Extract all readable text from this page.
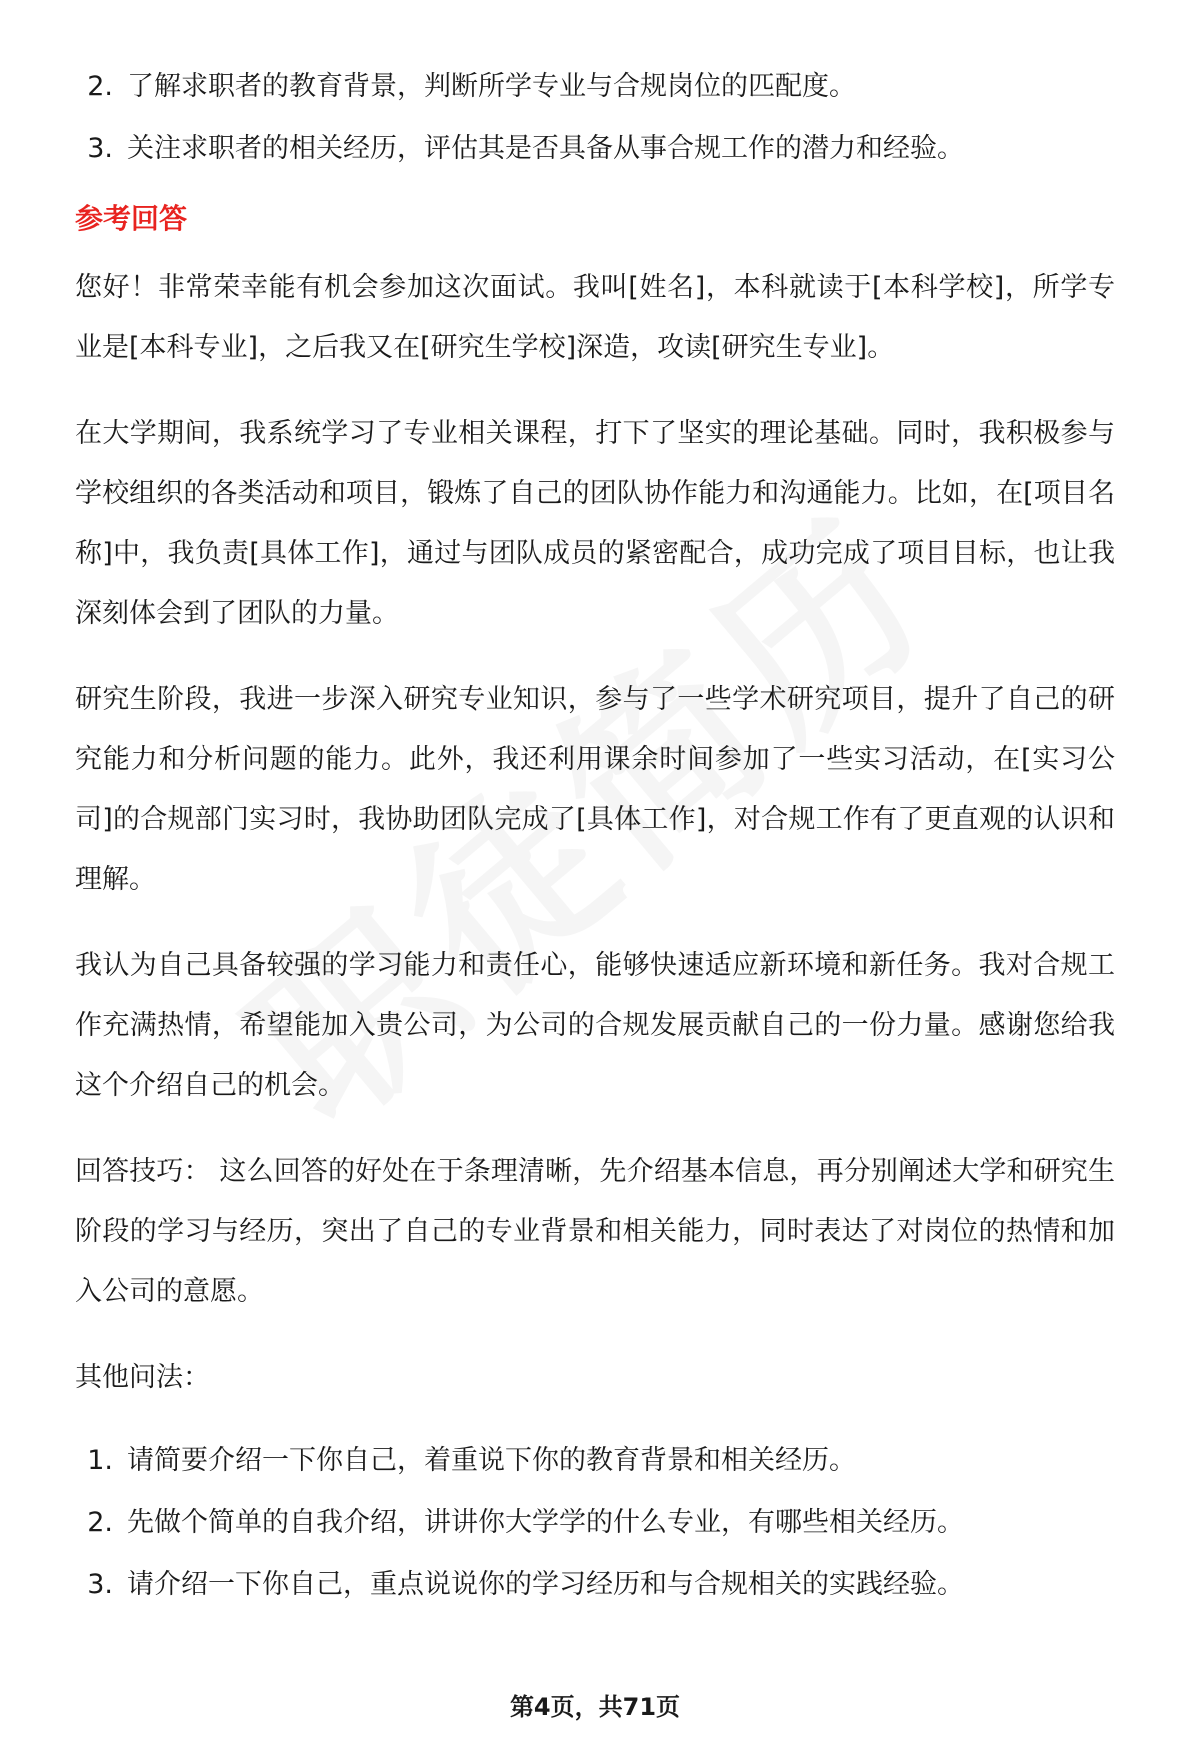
2. 了解求职者的教育背景，判断所学专业与合规岗位的匹配度。
3. 关注求职者的相关经历，评估其是否具备从事合规工作的潜力和经验。
参考回答

您好！非常荣幸能有机会参加这次面试。我叫[姓名]，本科就读于[本科学校]，所学专业是[本科专业]，之后我又在[研究生学校]深造，攻读[研究生专业]。

在大学期间，我系统学习了专业相关课程，打下了坚实的理论基础。同时，我积极参与学校组织的各类活动和项目，锻炼了自己的团队协作能力和沟通能力。比如，在[项目名称]中，我负责[具体工作]，通过与团队成员的紧密配合，成功完成了项目目标，也让我深刻体会到了团队的力量。

研究生阶段，我进一步深入研究专业知识，参与了一些学术研究项目，提升了自己的研究能力和分析问题的能力。此外，我还利用课余时间参加了一些实习活动，在[实习公司]的合规部门实习时，我协助团队完成了[具体工作]，对合规工作有了更直观的认识和理解。

我认为自己具备较强的学习能力和责任心，能够快速适应新环境和新任务。我对合规工作充满热情，希望能加入贵公司，为公司的合规发展贡献自己的一份力量。感谢您给我这个介绍自己的机会。

回答技巧： 这么回答的好处在于条理清晰，先介绍基本信息，再分别阐述大学和研究生阶段的学习与经历，突出了自己的专业背景和相关能力，同时表达了对岗位的热情和加入公司的意愿。

其他问法：
1. 请简要介绍一下你自己，着重说下你的教育背景和相关经历。
2. 先做个简单的自我介绍，讲讲你大学学的什么专业，有哪些相关经历。
3. 请介绍一下你自己，重点说说你的学习经历和与合规相关的实践经验。
第4页，共71页
